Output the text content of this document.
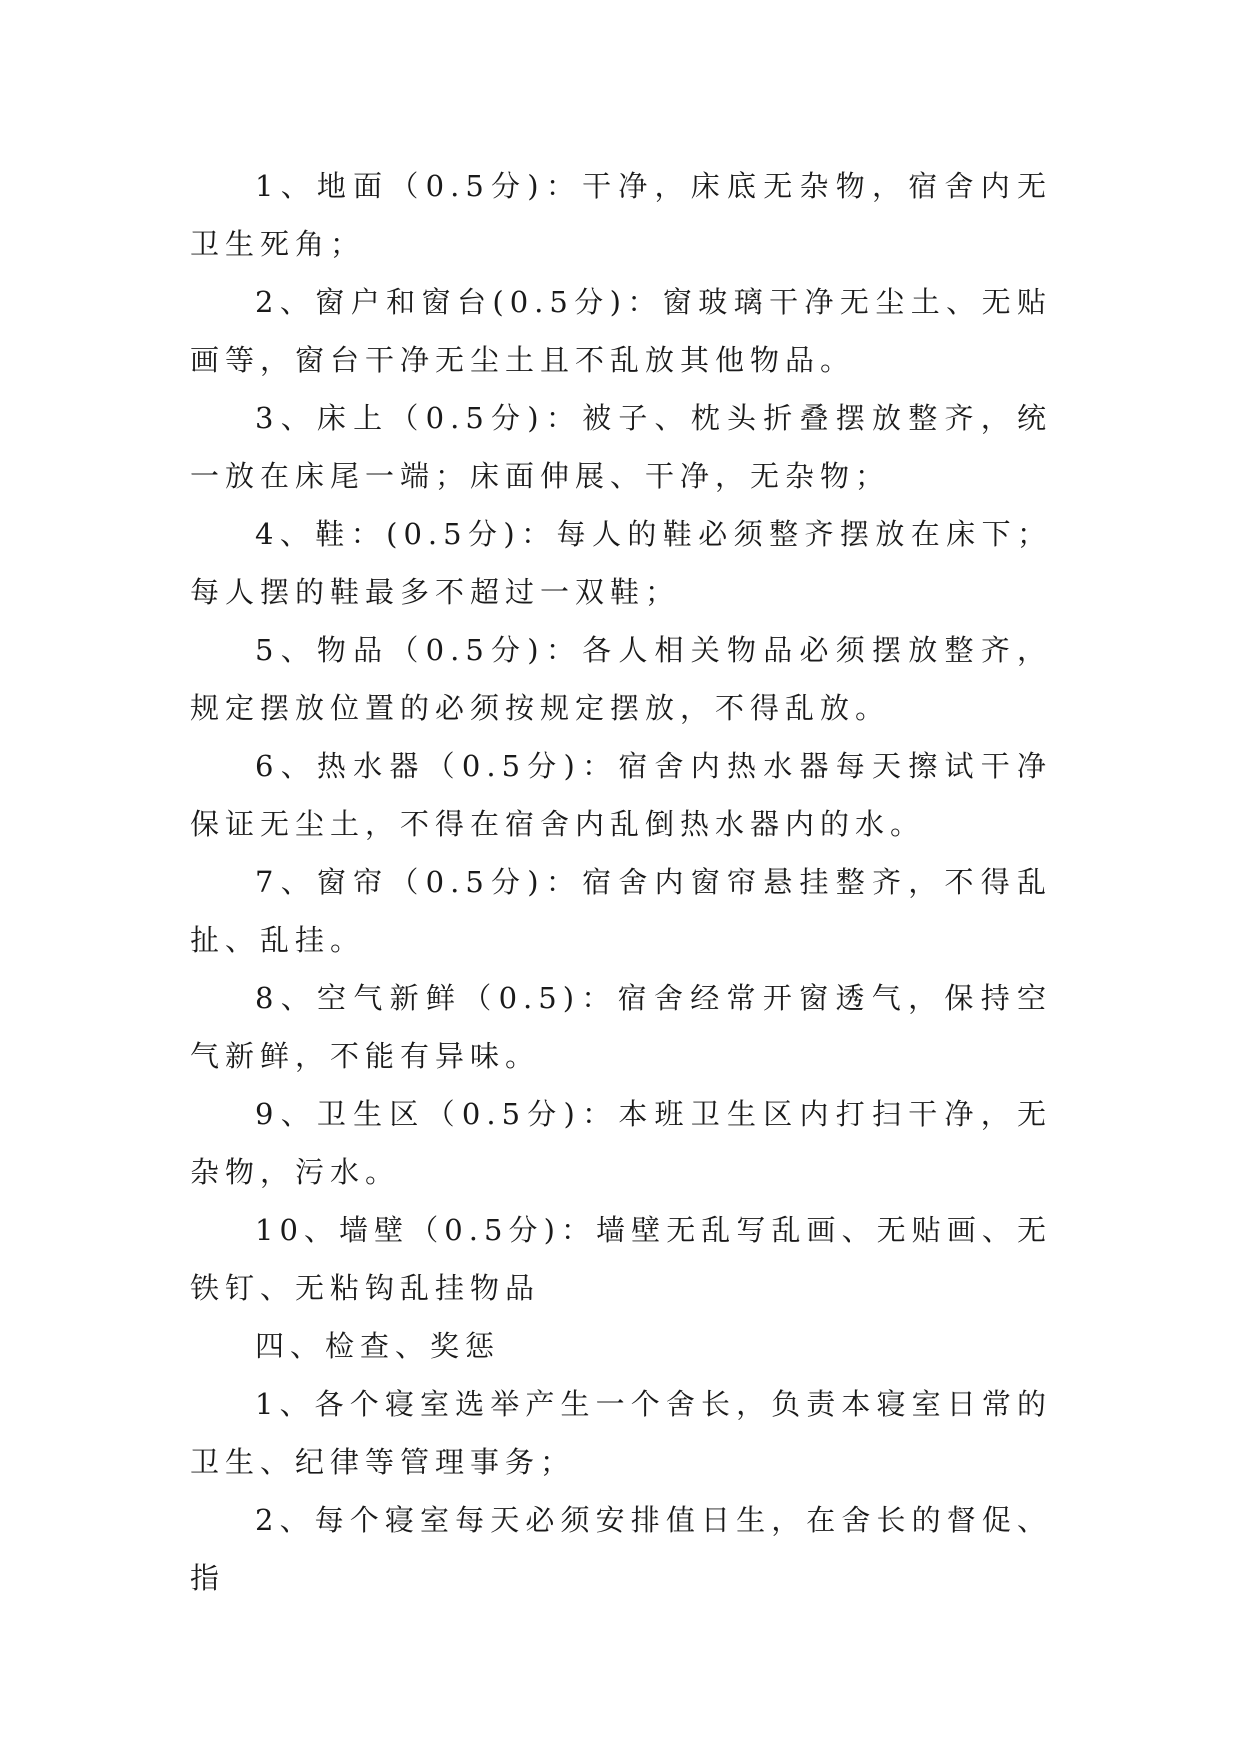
1、地面（0.5分)：干净，床底无杂物，宿舍内无卫生死角；

2、窗户和窗台(0.5分)：窗玻璃干净无尘土、无贴画等，窗台干净无尘土且不乱放其他物品。

3、床上（0.5分)：被子、枕头折叠摆放整齐，统一放在床尾一端；床面伸展、干净，无杂物；

4、鞋：(0.5分)：每人的鞋必须整齐摆放在床下；每人摆的鞋最多不超过一双鞋；

5、物品（0.5分)：各人相关物品必须摆放整齐，规定摆放位置的必须按规定摆放，不得乱放。

6、热水器（0.5分)：宿舍内热水器每天擦试干净保证无尘土，不得在宿舍内乱倒热水器内的水。

7、窗帘（0.5分)：宿舍内窗帘悬挂整齐，不得乱扯、乱挂。

8、空气新鲜（0.5)：宿舍经常开窗透气，保持空气新鲜，不能有异味。

9、卫生区（0.5分)：本班卫生区内打扫干净，无杂物，污水。

10、墙壁（0.5分)：墙壁无乱写乱画、无贴画、无铁钉、无粘钩乱挂物品

四、检查、奖惩

1、各个寝室选举产生一个舍长，负责本寝室日常的卫生、纪律等管理事务；

2、每个寝室每天必须安排值日生，在舍长的督促、指
